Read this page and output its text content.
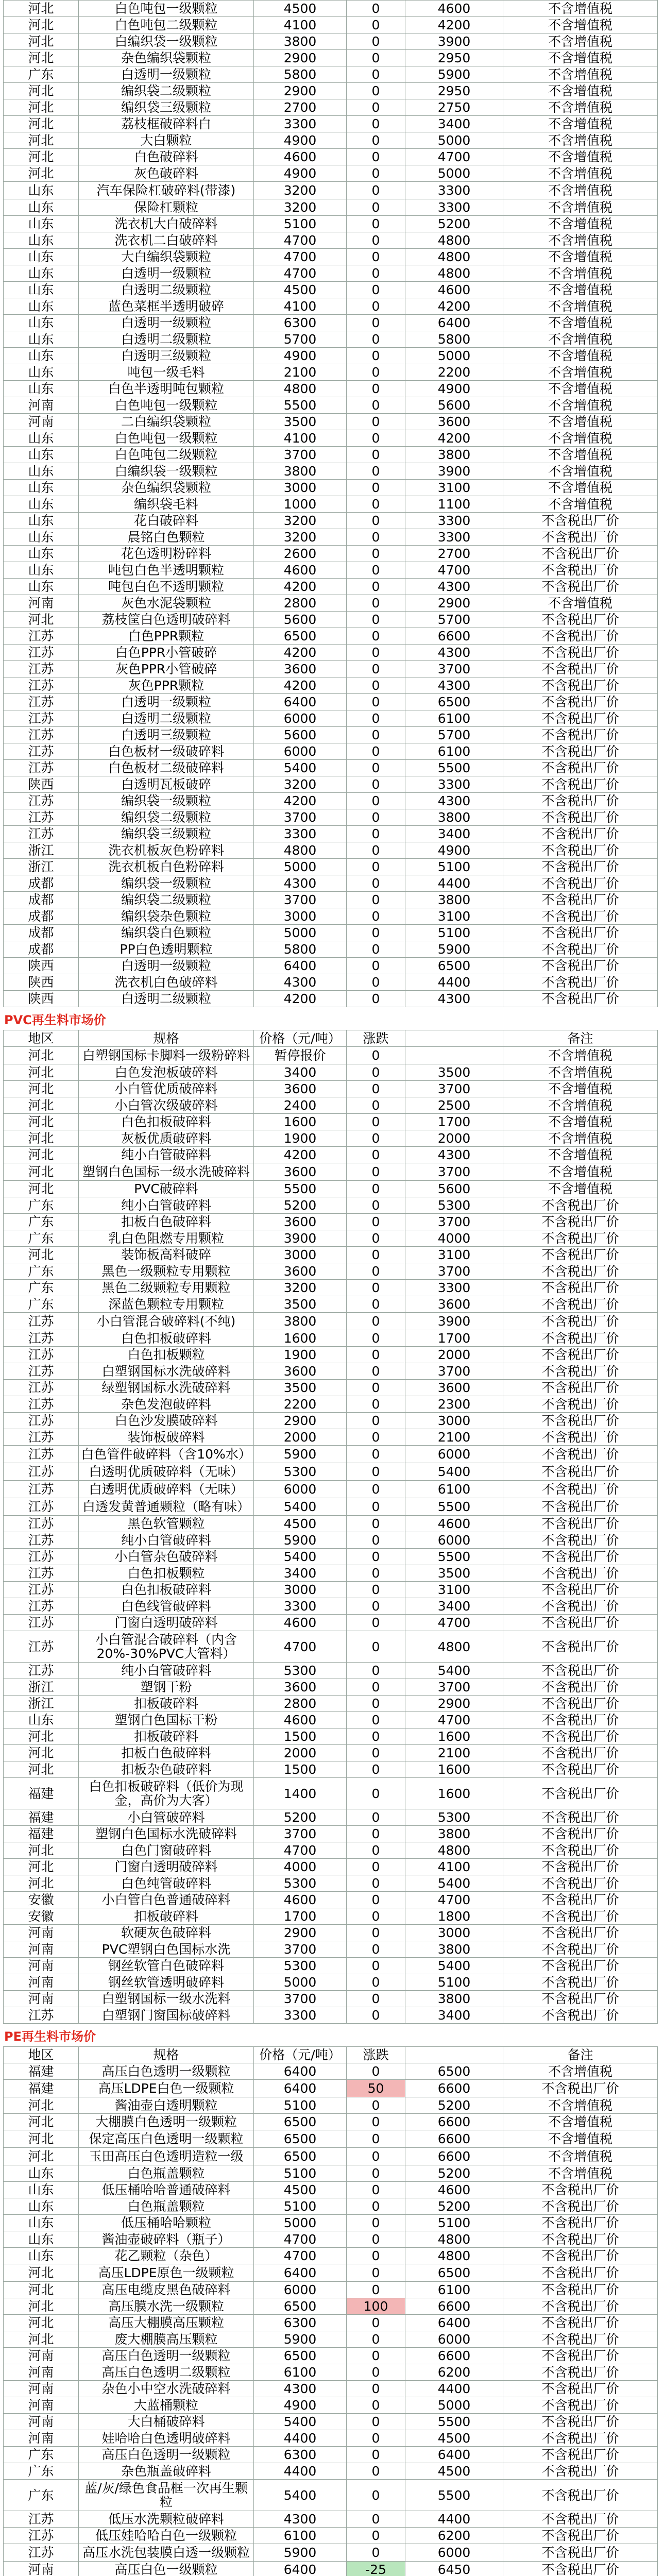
河北	白色吨包一级颗粒	4500	0	4600	不含增值税
河北	白色吨包二级颗粒	4100	0	4200	不含增值税
河北	白编织袋一级颗粒	3800	0	3900	不含增值税
河北	杂色编织袋颗粒	2900	0	2950	不含增值税
广东	白透明一级颗粒	5800	0	5900	不含增值税
河北	编织袋二级颗粒	2900	0	2950	不含增值税
河北	编织袋三级颗粒	2700	0	2750	不含增值税
河北	荔枝框破碎料白	3300	0	3400	不含增值税
河北	大白颗粒	4900	0	5000	不含增值税
河北	白色破碎料	4600	0	4700	不含增值税
河北	灰色破碎料	4900	0	5000	不含增值税
山东	汽车保险杠破碎料(带漆)	3200	0	3300	不含增值税
山东	保险杠颗粒	3200	0	3300	不含增值税
山东	洗衣机大白破碎料	5100	0	5200	不含增值税
山东	洗衣机二白破碎料	4700	0	4800	不含增值税
山东	大白编织袋颗粒	4700	0	4800	不含增值税
山东	白透明一级颗粒	4700	0	4800	不含增值税
山东	白透明二级颗粒	4500	0	4600	不含增值税
山东	蓝色菜框半透明破碎	4100	0	4200	不含增值税
山东	白透明一级颗粒	6300	0	6400	不含增值税
山东	白透明二级颗粒	5700	0	5800	不含增值税
山东	白透明三级颗粒	4900	0	5000	不含增值税
山东	吨包一级毛料	2100	0	2200	不含增值税
山东	白色半透明吨包颗粒	4800	0	4900	不含增值税
河南	白色吨包一级颗粒	5500	0	5600	不含增值税
河南	二白编织袋颗粒	3500	0	3600	不含增值税
山东	白色吨包一级颗粒	4100	0	4200	不含增值税
山东	白色吨包二级颗粒	3700	0	3800	不含增值税
山东	白编织袋一级颗粒	3800	0	3900	不含增值税
山东	杂色编织袋颗粒	3000	0	3100	不含增值税
山东	编织袋毛料	1000	0	1100	不含增值税
山东	花白破碎料	3200	0	3300	不含税出厂价
山东	晨铭白色颗粒	3200	0	3300	不含税出厂价
山东	花色透明粉碎料	2600	0	2700	不含税出厂价
山东	吨包白色半透明颗粒	4600	0	4700	不含税出厂价
山东	吨包白色不透明颗粒	4200	0	4300	不含税出厂价
河南	灰色水泥袋颗粒	2800	0	2900	不含增值税
河北	荔枝筐白色透明破碎料	5600	0	5700	不含税出厂价
江苏	白色PPR颗粒	6500	0	6600	不含税出厂价
江苏	白色PPR小管破碎	4200	0	4300	不含税出厂价
江苏	灰色PPR小管破碎	3600	0	3700	不含税出厂价
江苏	灰色PPR颗粒	4200	0	4300	不含税出厂价
江苏	白透明一级颗粒	6400	0	6500	不含税出厂价
江苏	白透明二级颗粒	6000	0	6100	不含税出厂价
江苏	白透明三级颗粒	5600	0	5700	不含税出厂价
江苏	白色板材一级破碎料	6000	0	6100	不含税出厂价
江苏	白色板材二级破碎料	5400	0	5500	不含税出厂价
陕西	白透明瓦板破碎	3200	0	3300	不含税出厂价
江苏	编织袋一级颗粒	4200	0	4300	不含税出厂价
江苏	编织袋二级颗粒	3700	0	3800	不含税出厂价
江苏	编织袋三级颗粒	3300	0	3400	不含税出厂价
浙江	洗衣机板灰色粉碎料	4800	0	4900	不含税出厂价
浙江	洗衣机板白色粉碎料	5000	0	5100	不含税出厂价
成都	编织袋一级颗粒	4300	0	4400	不含税出厂价
成都	编织袋二级颗粒	3700	0	3800	不含税出厂价
成都	编织袋杂色颗粒	3000	0	3100	不含税出厂价
成都	编织袋白色颗粒	5000	0	5100	不含税出厂价
成都	PP白色透明颗粒	5800	0	5900	不含税出厂价
陕西	白透明一级颗粒	6400	0	6500	不含税出厂价
陕西	洗衣机白色破碎料	4300	0	4400	不含税出厂价
陕西	白透明二级颗粒	4200	0	4300	不含税出厂价
PVC再生料市场价
地区	规格	价格（元/吨）	涨跌		备注
河北	白塑钢国标卡脚料一级粉碎料	暂停报价	0		不含增值税
河北	白色发泡板破碎料	3400	0	3500	不含增值税
河北	小白管优质破碎料	3600	0	3700	不含增值税
河北	小白管次级破碎料	2400	0	2500	不含增值税
河北	白色扣板破碎料	1600	0	1700	不含增值税
河北	灰板优质破碎料	1900	0	2000	不含增值税
河北	纯小白管破碎料	4200	0	4300	不含增值税
河北	塑钢白色国标一级水洗破碎料	3600	0	3700	不含增值税
河北	PVC破碎料	5500	0	5600	不含增值税
广东	纯小白管破碎料	5200	0	5300	不含税出厂价
广东	扣板白色破碎料	3600	0	3700	不含税出厂价
广东	乳白色阻燃专用颗粒	3900	0	4000	不含税出厂价
河北	装饰板高料破碎	3000	0	3100	不含税出厂价
广东	黑色一级颗粒专用颗粒	3600	0	3700	不含税出厂价
广东	黑色二级颗粒专用颗粒	3200	0	3300	不含税出厂价
广东	深蓝色颗粒专用颗粒	3500	0	3600	不含税出厂价
江苏	小白管混合破碎料(不纯)	3800	0	3900	不含税出厂价
江苏	白色扣板破碎料	1600	0	1700	不含税出厂价
江苏	白色扣板颗粒	1900	0	2000	不含税出厂价
江苏	白塑钢国标水洗破碎料	3600	0	3700	不含税出厂价
江苏	绿塑钢国标水洗破碎料	3500	0	3600	不含税出厂价
江苏	杂色发泡破碎料	2200	0	2300	不含税出厂价
江苏	白色沙发膜破碎料	2900	0	3000	不含税出厂价
江苏	装饰板破碎料	2000	0	2100	不含税出厂价
江苏	白色管件破碎料（含10%水）	5900	0	6000	不含税出厂价
江苏	白透明优质破碎料（无味）	5300	0	5400	不含税出厂价
江苏	白透明优质破碎料（无味）	6000	0	6100	不含税出厂价
江苏	白透发黄普通颗粒（略有味）	5400	0	5500	不含税出厂价
江苏	黑色软管颗粒	4500	0	4600	不含税出厂价
江苏	纯小白管破碎料	5900	0	6000	不含税出厂价
江苏	小白管杂色破碎料	5400	0	5500	不含税出厂价
江苏	白色扣板颗粒	3400	0	3500	不含税出厂价
江苏	白色扣板破碎料	3000	0	3100	不含税出厂价
江苏	白色线管破碎料	3300	0	3400	不含税出厂价
江苏	门窗白透明破碎料	4600	0	4700	不含税出厂价
江苏	小白管混合破碎料（内含20%-30%PVC大管料）	4700	0	4800	不含税出厂价
江苏	纯小白管破碎料	5300	0	5400	不含税出厂价
浙江	塑钢干粉	3600	0	3700	不含税出厂价
浙江	扣板破碎料	2800	0	2900	不含税出厂价
山东	塑钢白色国标干粉	4600	0	4700	不含税出厂价
河北	扣板破碎料	1500	0	1600	不含税出厂价
河北	扣板白色破碎料	2000	0	2100	不含税出厂价
河北	扣板杂色破碎料	1500	0	1600	不含税出厂价
福建	白色扣板破碎料（低价为现金，高价为大客）	1400	0	1600	不含税出厂价
福建	小白管破碎料	5200	0	5300	不含税出厂价
福建	塑钢白色国标水洗破碎料	3700	0	3800	不含税出厂价
河北	白色门窗破碎料	4700	0	4800	不含税出厂价
河北	门窗白透明破碎料	4000	0	4100	不含税出厂价
河北	白色纯管破碎料	5300	0	5400	不含税出厂价
安徽	小白管白色普通破碎料	4600	0	4700	不含税出厂价
安徽	扣板破碎料	1700	0	1800	不含税出厂价
河南	软硬灰色破碎料	2900	0	3000	不含税出厂价
河南	PVC塑钢白色国标水洗	3700	0	3800	不含税出厂价
河南	钢丝软管白色破碎料	5300	0	5400	不含税出厂价
河南	钢丝软管透明破碎料	5000	0	5100	不含税出厂价
河南	白塑钢国标一级水洗料	3700	0	3800	不含税出厂价
江苏	白塑钢门窗国标破碎料	3300	0	3400	不含税出厂价
PE再生料市场价
地区	规格	价格（元/吨）	涨跌		备注
福建	高压白色透明一级颗粒	6400	0	6500	不含增值税
福建	高压LDPE白色一级颗粒	6400	50	6600	不含税出厂价
河北	酱油壶白透明颗粒	5100	0	5200	不含增值税
河北	大棚膜白色透明一级颗粒	6500	0	6600	不含增值税
河北	保定高压白色透明一级颗粒	6500	0	6600	不含增值税
河北	玉田高压白色透明造粒一级	6500	0	6600	不含增值税
山东	白色瓶盖颗粒	5100	0	5200	不含增值税
山东	低压桶哈哈普通破碎料	4500	0	4600	不含税出厂价
山东	白色瓶盖颗粒	5100	0	5200	不含税出厂价
山东	低压桶哈哈颗粒	5000	0	5100	不含税出厂价
山东	酱油壶破碎料（瓶子）	4700	0	4800	不含税出厂价
山东	花乙颗粒（杂色）	4700	0	4800	不含税出厂价
河北	高压LDPE原色一级颗粒	6400	0	6500	不含税出厂价
河北	高压电缆皮黑色破碎料	6000	0	6100	不含税出厂价
河北	高压膜水洗一级颗粒	6500	100	6600	不含税出厂价
河北	高压大棚膜高压颗粒	6300	0	6400	不含税出厂价
河北	废大棚膜高压颗粒	5900	0	6000	不含税出厂价
河南	高压白色透明一级颗粒	6500	0	6600	不含税出厂价
河南	高压白色透明二级颗粒	6100	0	6200	不含税出厂价
河南	杂色小中空水洗破碎料	4300	0	4400	不含税出厂价
河南	大蓝桶颗粒	4900	0	5000	不含税出厂价
河南	大白桶破碎料	5400	0	5500	不含税出厂价
河南	娃哈哈白色透明破碎料	4400	0	4500	不含税出厂价
广东	高压白色透明一级颗粒	6300	0	6400	不含税出厂价
广东	杂色瓶盖破碎料	4400	0	4500	不含税出厂价
广东	蓝/灰/绿色食品框一次再生颗粒	5400	0	5500	不含税出厂价
江苏	低压水洗颗粒破碎料	4300	0	4400	不含税出厂价
江苏	低压娃哈哈白色一级颗粒	6100	0	6200	不含税出厂价
江苏	高压水洗包装膜白透一级颗粒	5900	0	6000	不含税出厂价
河南	高压白色一级颗粒	6400	-25	6450	不含税出厂价
